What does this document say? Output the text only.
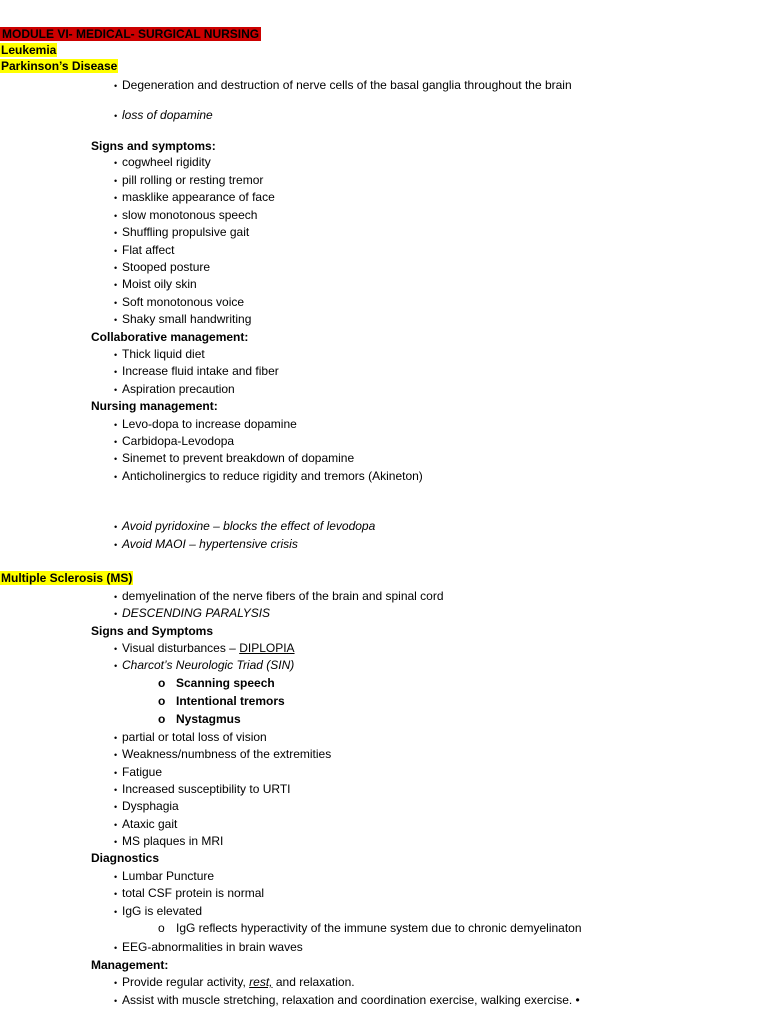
MODULE VI- MEDICAL- SURGICAL NURSING
Leukemia
Parkinson’s Disease
• Degeneration and destruction of nerve cells of the basal ganglia throughout the brain
• loss of dopamine
Signs and symptoms:
• cogwheel rigidity
• pill rolling or resting tremor
• masklike appearance of face
• slow monotonous speech
• Shuffling propulsive gait
• Flat affect
• Stooped posture
• Moist oily skin
• Soft monotonous voice
• Shaky small handwriting
Collaborative management:
• Thick liquid diet
• Increase fluid intake and fiber
• Aspiration precaution
Nursing management:
• Levo-dopa to increase dopamine
• Carbidopa-Levodopa
• Sinemet to prevent breakdown of dopamine
• Anticholinergics to reduce rigidity and tremors (Akineton)
• Avoid pyridoxine – blocks the effect of levodopa
• Avoid MAOI – hypertensive crisis
Multiple Sclerosis (MS)
• demyelination of the nerve fibers of the brain and spinal cord
• DESCENDING PARALYSIS
Signs and Symptoms
• Visual disturbances – DIPLOPIA
• Charcot’s Neurologic Triad (SIN)
o Scanning speech
o Intentional tremors
o Nystagmus
• partial or total loss of vision
• Weakness/numbness of the extremities
• Fatigue
• Increased susceptibility to URTI
• Dysphagia
• Ataxic gait
• MS plaques in MRI
Diagnostics
• Lumbar Puncture
• total CSF protein is normal
• IgG is elevated
o IgG reflects hyperactivity of the immune system due to chronic demyelinaton
• EEG-abnormalities in brain waves
Management:
• Provide regular activity, rest, and relaxation.
• Assist with muscle stretching, relaxation and coordination exercise, walking exercise. •
